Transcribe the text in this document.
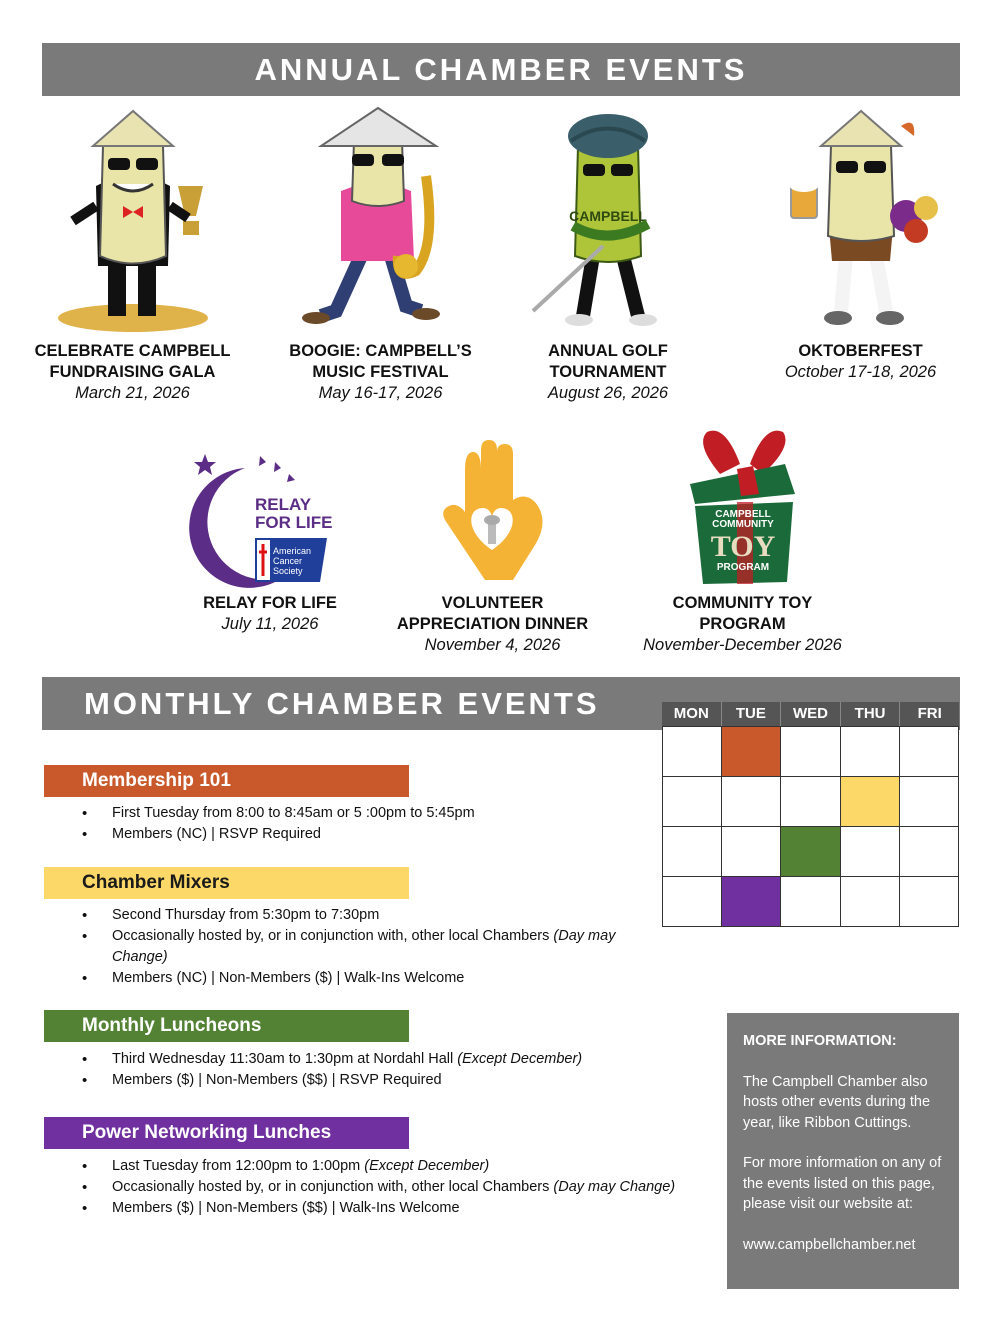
ANNUAL CHAMBER EVENTS
CELEBRATE CAMPBELL
FUNDRAISING GALA
March 21, 2026
BOOGIE: CAMPBELL’S
MUSIC FESTIVAL
May 16-17, 2026
CAMPBELL
ANNUAL GOLF
TOURNAMENT
August 26, 2026
OKTOBERFEST
October 17-18, 2026
RELAY
FOR LIFE
American
Cancer
Society
RELAY FOR LIFE
July 11, 2026
VOLUNTEER
APPRECIATION DINNER
November 4, 2026
CAMPBELL
COMMUNITY
TOY
PROGRAM
COMMUNITY TOY
PROGRAM
November-December 2026
MONTHLY CHAMBER EVENTS	MON	TUE	WED	THU	FRI
Membership 101
• First Tuesday from 8:00 to 8:45am or 5 :00pm to 5:45pm
• Members (NC) | RSVP Required
Chamber Mixers
• Second Thursday from 5:30pm to 7:30pm
• Occasionally hosted by, or in conjunction with, other local Chambers (Day may Change)
• Members (NC) | Non-Members ($) | Walk-Ins Welcome
Monthly Luncheons
• Third Wednesday 11:30am to 1:30pm at Nordahl Hall (Except December)
• Members ($) | Non-Members ($$) | RSVP Required
Power Networking Lunches
• Last Tuesday from 12:00pm to 1:00pm (Except December)
• Occasionally hosted by, or in conjunction with, other local Chambers (Day may Change)
• Members ($) | Non-Members ($$) | Walk-Ins Welcome
MORE INFORMATION:

The Campbell Chamber also hosts other events during the year, like Ribbon Cuttings.

For more information on any of the events listed on this page, please visit our website at:

www.campbellchamber.net
